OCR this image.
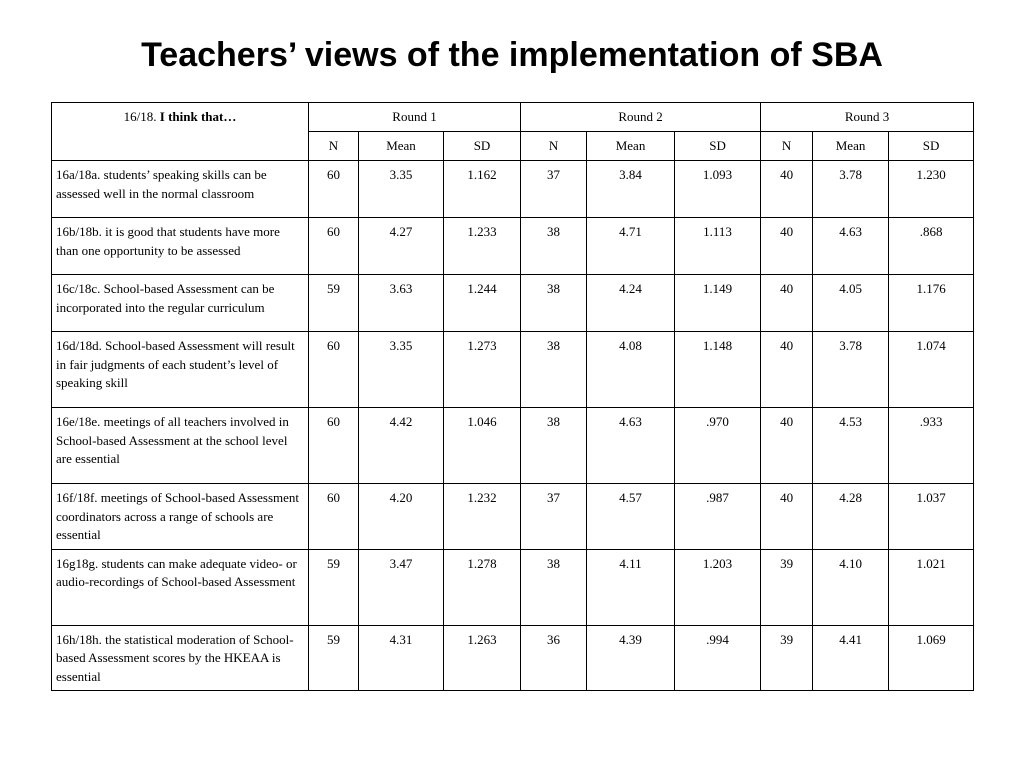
Teachers’ views of the implementation of SBA
16/18. I think that…	Round 1			Round 2			Round 3		
	N	Mean	SD	N	Mean	SD	N	Mean	SD
16a/18a. students’ speaking skills can be assessed well in the normal classroom	60	3.35	1.162	37	3.84	1.093	40	3.78	1.230
16b/18b. it is good that students have more than one opportunity to be assessed	60	4.27	1.233	38	4.71	1.113	40	4.63	.868
16c/18c. School-based Assessment can be incorporated into the regular curriculum	59	3.63	1.244	38	4.24	1.149	40	4.05	1.176
16d/18d. School-based Assessment will result in fair judgments of each student’s level of speaking skill	60	3.35	1.273	38	4.08	1.148	40	3.78	1.074
16e/18e. meetings of all teachers involved in School-based Assessment at the school level are essential	60	4.42	1.046	38	4.63	.970	40	4.53	.933
16f/18f. meetings of School-based Assessment coordinators across a range of schools are essential	60	4.20	1.232	37	4.57	.987	40	4.28	1.037
16g18g. students can make adequate video- or audio-recordings of School-based Assessment	59	3.47	1.278	38	4.11	1.203	39	4.10	1.021
16h/18h. the statistical moderation of School-based Assessment scores by the HKEAA is essential	59	4.31	1.263	36	4.39	.994	39	4.41	1.069
